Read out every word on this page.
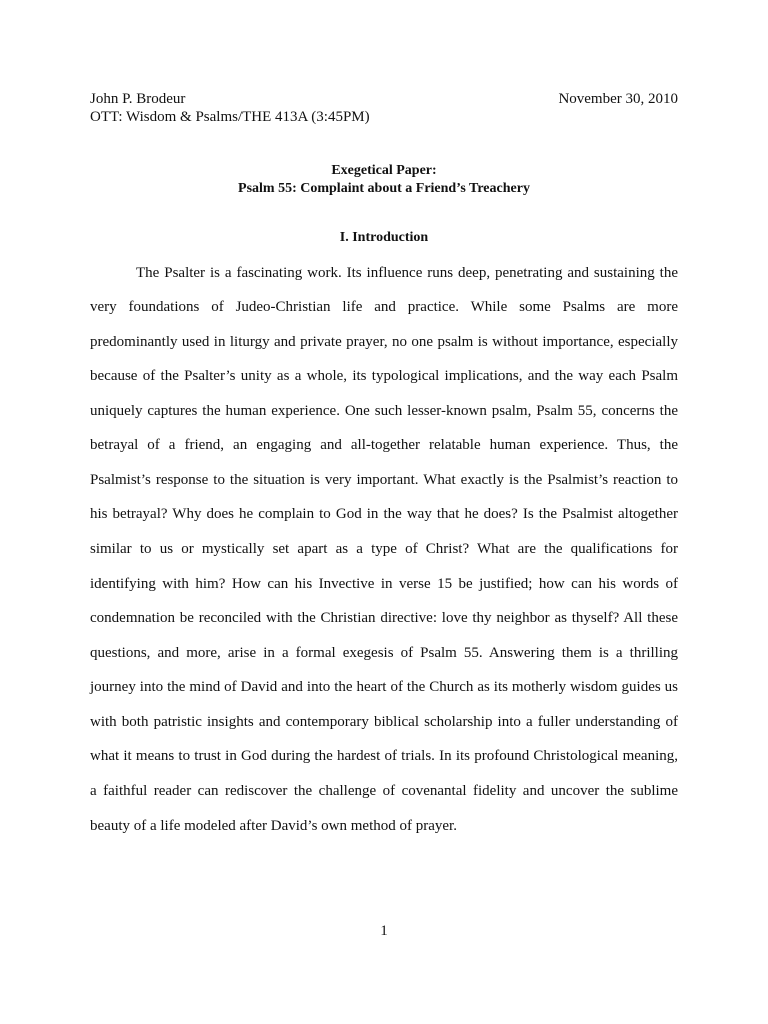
John P. Brodeur
OTT: Wisdom & Psalms/THE 413A (3:45PM)
November 30, 2010
Exegetical Paper:
Psalm 55: Complaint about a Friend’s Treachery
I. Introduction
The Psalter is a fascinating work. Its influence runs deep, penetrating and sustaining the
very foundations of Judeo-Christian life and practice. While some Psalms are more
predominantly used in liturgy and private prayer, no one psalm is without importance, especially
because of the Psalter’s unity as a whole, its typological implications, and the way each Psalm
uniquely captures the human experience. One such lesser-known psalm, Psalm 55, concerns the
betrayal of a friend, an engaging and all-together relatable human experience. Thus, the
Psalmist’s response to the situation is very important. What exactly is the Psalmist’s reaction to
his betrayal? Why does he complain to God in the way that he does? Is the Psalmist altogether
similar to us or mystically set apart as a type of Christ? What are the qualifications for
identifying with him? How can his Invective in verse 15 be justified; how can his words of
condemnation be reconciled with the Christian directive: love thy neighbor as thyself? All these
questions, and more, arise in a formal exegesis of Psalm 55. Answering them is a thrilling
journey into the mind of David and into the heart of the Church as its motherly wisdom guides us
with both patristic insights and contemporary biblical scholarship into a fuller understanding of
what it means to trust in God during the hardest of trials. In its profound Christological meaning,
a faithful reader can rediscover the challenge of covenantal fidelity and uncover the sublime
beauty of a life modeled after David’s own method of prayer.
1
